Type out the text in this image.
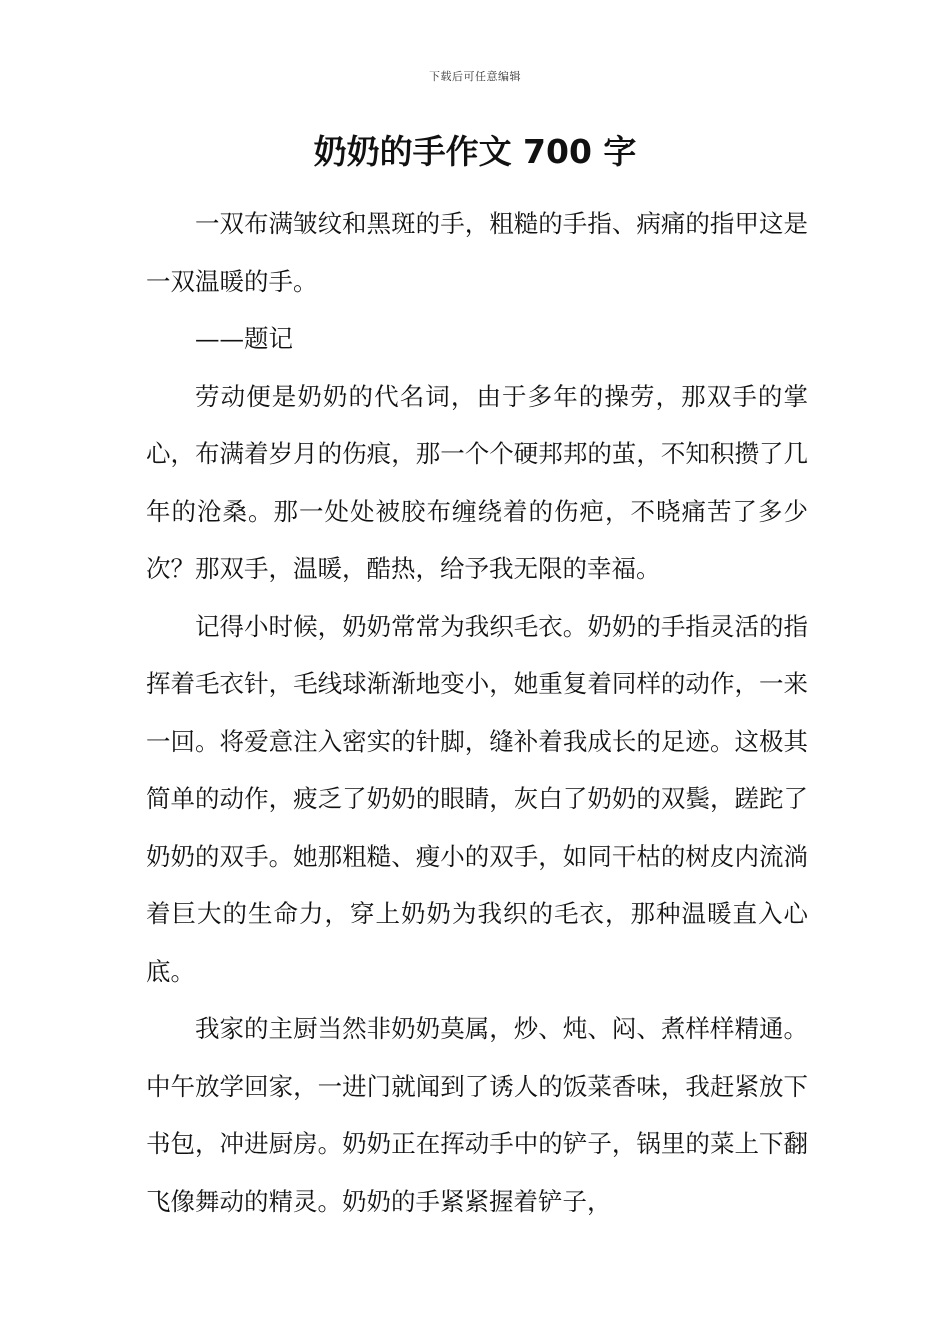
下载后可任意编辑
奶奶的手作文 700 字

一双布满皱纹和黑斑的手，粗糙的手指、病痛的指甲这是一双温暖的手。

——题记

劳动便是奶奶的代名词，由于多年的操劳，那双手的掌心，布满着岁月的伤痕，那一个个硬邦邦的茧，不知积攒了几年的沧桑。那一处处被胶布缠绕着的伤疤，不晓痛苦了多少次？那双手，温暖，酷热，给予我无限的幸福。

记得小时候，奶奶常常为我织毛衣。奶奶的手指灵活的指挥着毛衣针，毛线球渐渐地变小，她重复着同样的动作，一来一回。将爱意注入密实的针脚，缝补着我成长的足迹。这极其简单的动作，疲乏了奶奶的眼睛，灰白了奶奶的双鬓，蹉跎了奶奶的双手。她那粗糙、瘦小的双手，如同干枯的树皮内流淌着巨大的生命力，穿上奶奶为我织的毛衣，那种温暖直入心底。

我家的主厨当然非奶奶莫属，炒、炖、闷、煮样样精通。中午放学回家，一进门就闻到了诱人的饭菜香味，我赶紧放下书包，冲进厨房。奶奶正在挥动手中的铲子，锅里的菜上下翻飞像舞动的精灵。奶奶的手紧紧握着铲子，
